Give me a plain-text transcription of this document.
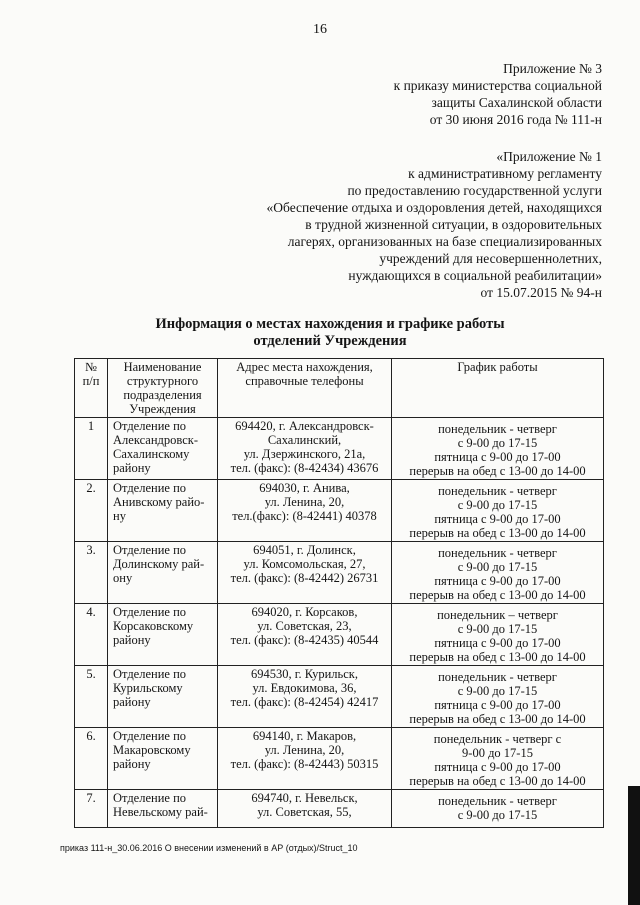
16
Приложение № 3
к приказу министерства социальной
защиты Сахалинской области
от 30 июня 2016 года № 111-н
«Приложение № 1
к административному регламенту
по предоставлению государственной услуги
«Обеспечение отдыха и оздоровления детей, находящихся
в трудной жизненной ситуации, в оздоровительных
лагерях, организованных на базе специализированных
учреждений для несовершеннолетних,
нуждающихся в социальной реабилитации»
от 15.07.2015 № 94-н
Информация о местах нахождения и графике работы
отделений Учреждения
№
п/п	Наименование
структурного
подразделения
Учреждения	Адрес места нахождения,
справочные телефоны	График работы

1	Отделение по
Александровск-
Сахалинскому
району	694420, г. Александровск-
Сахалинский,
ул. Дзержинского, 21а,
тел. (факс): (8-42434) 43676	понедельник - четверг
с 9-00 до 17-15
пятница с 9-00 до 17-00
перерыв на обед с 13-00 до 14-00

2.	Отделение по
Анивскому райо-
ну	694030, г. Анива,
ул. Ленина, 20,
тел.(факс): (8-42441) 40378	понедельник - четверг
с 9-00 до 17-15
пятница с 9-00 до 17-00
перерыв на обед с 13-00 до 14-00

3.	Отделение по
Долинскому рай-
ону	694051, г. Долинск,
ул. Комсомольская, 27,
тел. (факс): (8-42442) 26731	понедельник - четверг
с 9-00 до 17-15
пятница с 9-00 до 17-00
перерыв на обед с 13-00 до 14-00

4.	Отделение по
Корсаковскому
району	694020, г. Корсаков,
ул. Советская, 23,
тел. (факс): (8-42435) 40544	понедельник – четверг
с 9-00 до 17-15
пятница с 9-00 до 17-00
перерыв на обед с 13-00 до 14-00

5.	Отделение по
Курильскому
району	694530, г. Курильск,
ул. Евдокимова, 36,
тел. (факс): (8-42454) 42417	понедельник - четверг
с 9-00 до 17-15
пятница с 9-00 до 17-00
перерыв на обед с 13-00 до 14-00

6.	Отделение по
Макаровскому
району	694140, г. Макаров,
ул. Ленина, 20,
тел. (факс): (8-42443) 50315	понедельник - четверг с
9-00 до 17-15
пятница с 9-00 до 17-00
перерыв на обед с 13-00 до 14-00

7.	Отделение по
Невельскому рай-	694740, г. Невельск,
ул. Советская, 55,	понедельник - четверг
с 9-00 до 17-15
приказ 111-н_30.06.2016 О внесении изменений в АР (отдых)/Struct_10
